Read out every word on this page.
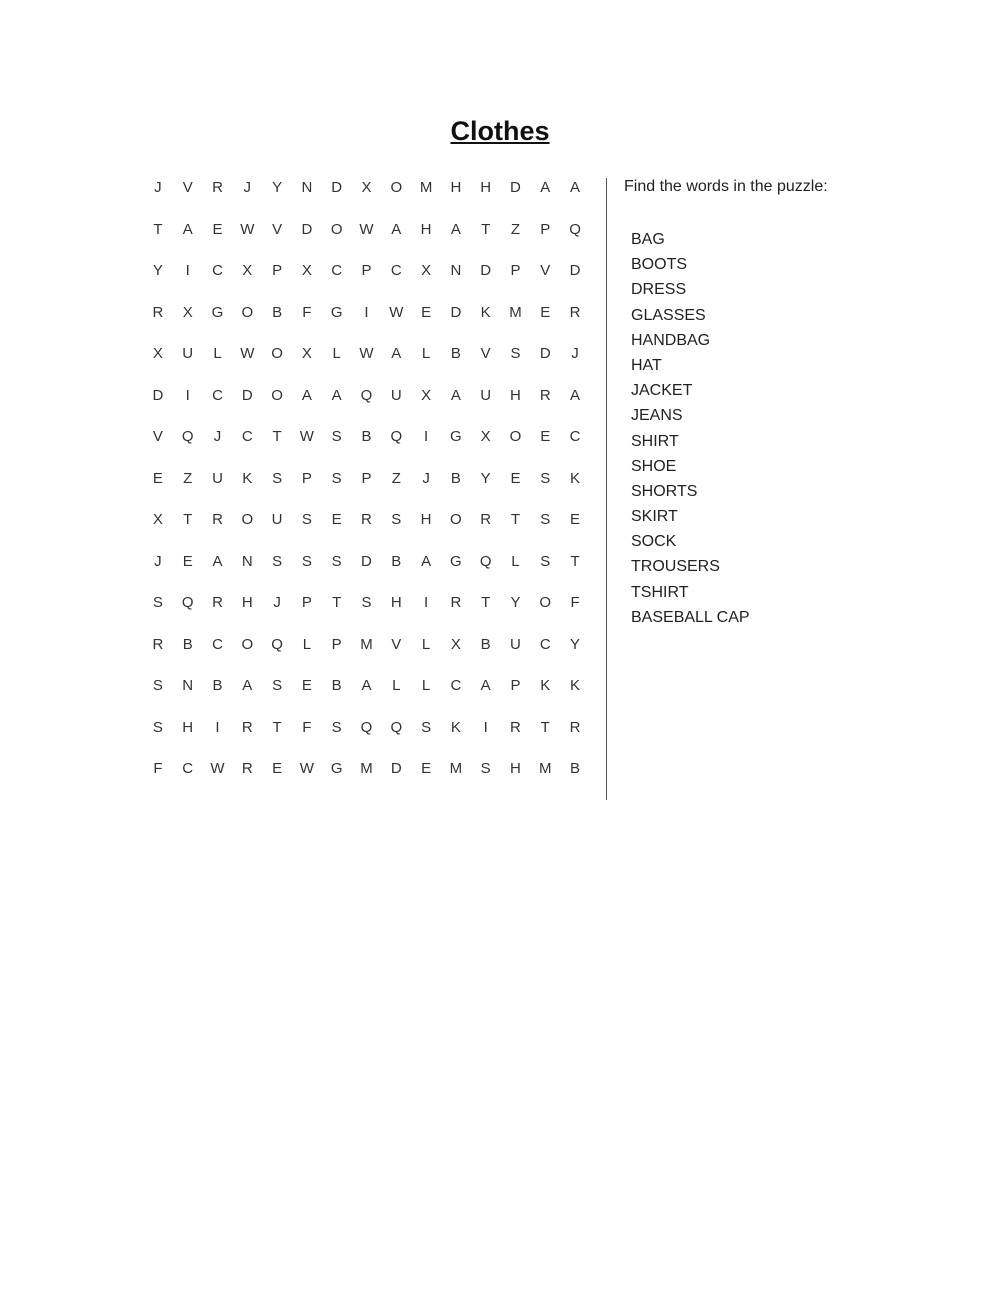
Clothes
J	V	R	J	Y	N	D	X	O	M	H	H	D	A	A
T	A	E	W	V	D	O	W	A	H	A	T	Z	P	Q
Y	I	C	X	P	X	C	P	C	X	N	D	P	V	D
R	X	G	O	B	F	G	I	W	E	D	K	M	E	R
X	U	L	W	O	X	L	W	A	L	B	V	S	D	J
D	I	C	D	O	A	A	Q	U	X	A	U	H	R	A
V	Q	J	C	T	W	S	B	Q	I	G	X	O	E	C
E	Z	U	K	S	P	S	P	Z	J	B	Y	E	S	K
X	T	R	O	U	S	E	R	S	H	O	R	T	S	E
J	E	A	N	S	S	S	D	B	A	G	Q	L	S	T
S	Q	R	H	J	P	T	S	H	I	R	T	Y	O	F
R	B	C	O	Q	L	P	M	V	L	X	B	U	C	Y
S	N	B	A	S	E	B	A	L	L	C	A	P	K	K
S	H	I	R	T	F	S	Q	Q	S	K	I	R	T	R
F	C	W	R	E	W	G	M	D	E	M	S	H	M	B
Find the words in the puzzle:
BAG
BOOTS
DRESS
GLASSES
HANDBAG
HAT
JACKET
JEANS
SHIRT
SHOE
SHORTS
SKIRT
SOCK
TROUSERS
TSHIRT
BASEBALL CAP
